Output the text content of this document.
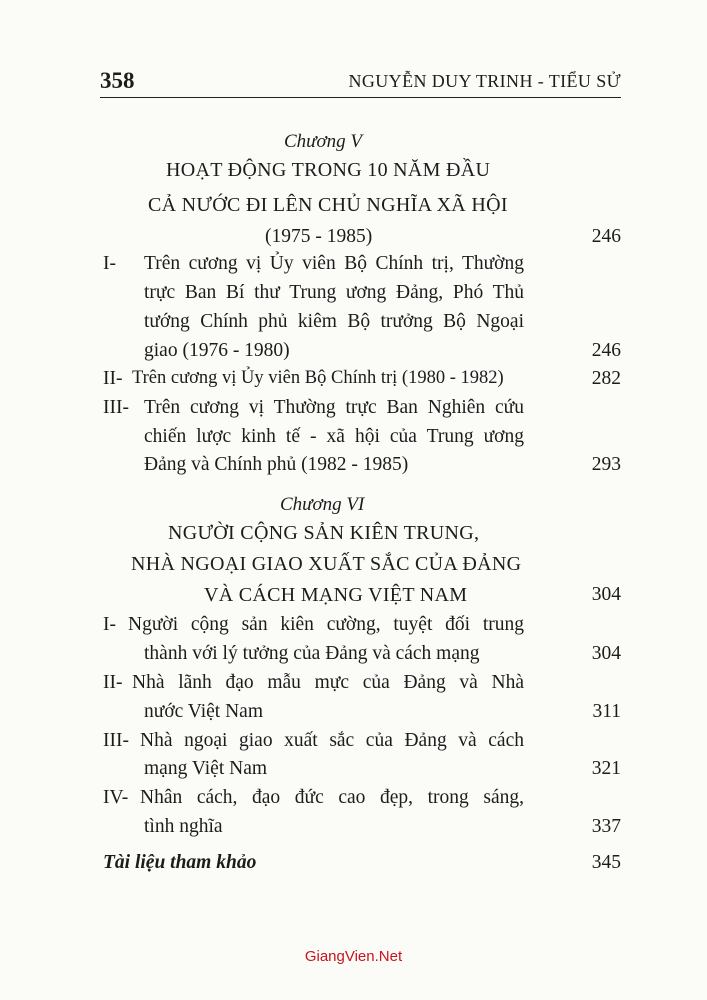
358	NGUYỄN DUY TRINH - TIỂU SỬ
Chương V
HOẠT ĐỘNG TRONG 10 NĂM ĐẦU
CẢ NƯỚC ĐI LÊN CHỦ NGHĨA XÃ HỘI
(1975 - 1985)	246
I- Trên cương vị Ủy viên Bộ Chính trị, Thường
trực Ban Bí thư Trung ương Đảng, Phó Thủ
tướng Chính phủ kiêm Bộ trưởng Bộ Ngoại
giao (1976 - 1980)	246
II- Trên cương vị Ủy viên Bộ Chính trị (1980 - 1982)	282
III- Trên cương vị Thường trực Ban Nghiên cứu
chiến lược kinh tế - xã hội của Trung ương
Đảng và Chính phủ (1982 - 1985)	293
Chương VI
NGƯỜI CỘNG SẢN KIÊN TRUNG,
NHÀ NGOẠI GIAO XUẤT SẮC CỦA ĐẢNG
VÀ CÁCH MẠNG VIỆT NAM	304
I- Người cộng sản kiên cường, tuyệt đối trung
thành với lý tưởng của Đảng và cách mạng	304
II- Nhà lãnh đạo mẫu mực của Đảng và Nhà
nước Việt Nam	311
III- Nhà ngoại giao xuất sắc của Đảng và cách
mạng Việt Nam	321
IV- Nhân cách, đạo đức cao đẹp, trong sáng,
tình nghĩa	337
Tài liệu tham khảo	345
GiangVien.Net
